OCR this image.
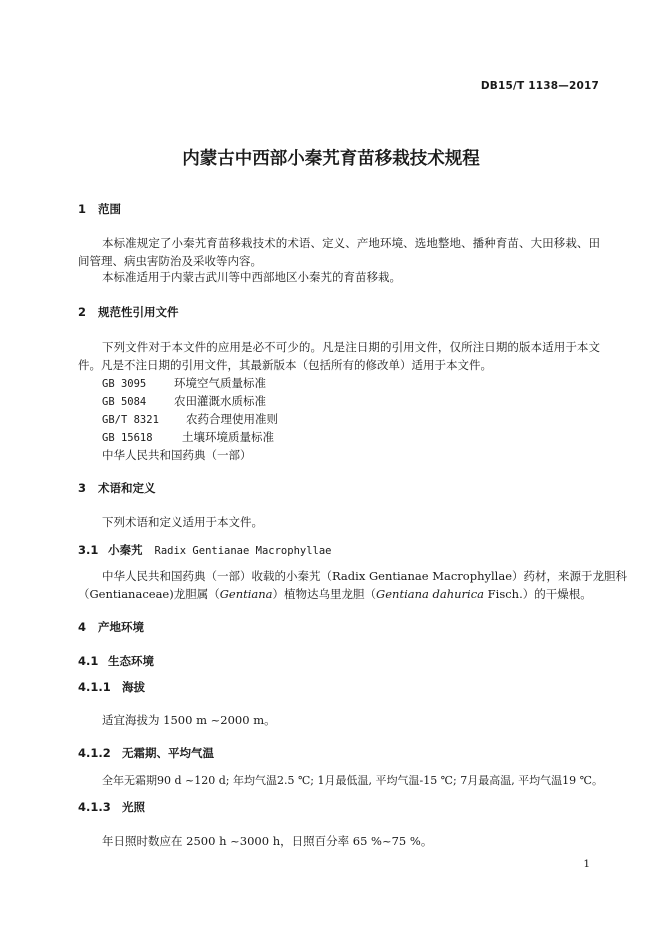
DB15/T 1138—2017
内蒙古中西部小秦艽育苗移栽技术规程
1 范围
本标准规定了小秦艽育苗移栽技术的术语、定义、产地环境、选地整地、播种育苗、大田移栽、田间管理、病虫害防治及采收等内容。
本标准适用于内蒙古武川等中西部地区小秦艽的育苗移栽。
2 规范性引用文件
下列文件对于本文件的应用是必不可少的。凡是注日期的引用文件，仅所注日期的版本适用于本文件。凡是不注日期的引用文件，其最新版本（包括所有的修改单）适用于本文件。
GB 3095 环境空气质量标准
GB 5084 农田灌溉水质标准
GB/T 8321 农药合理使用准则
GB 15618	土壤环境质量标准
中华人民共和国药典（一部）
3 术语和定义
下列术语和定义适用于本文件。
3.1 小秦艽 Radix Gentianae Macrophyllae
中华人民共和国药典（一部）收载的小秦艽（Radix Gentianae Macrophyllae）药材，来源于龙胆科
（Gentianaceae)龙胆属（Gentiana）植物达乌里龙胆（Gentiana dahurica Fisch.）的干燥根。
4 产地环境
4.1 生态环境
4.1.1 海拔
适宜海拔为 1500 m ~2000 m。
4.1.2 无霜期、平均气温
全年无霜期90 d ~120 d; 年均气温2.5 ℃; 1月最低温, 平均气温-15 ℃; 7月最高温, 平均气温19 ℃。
4.1.3 光照
年日照时数应在 2500 h ~3000 h，日照百分率 65 %~75 %。
1
